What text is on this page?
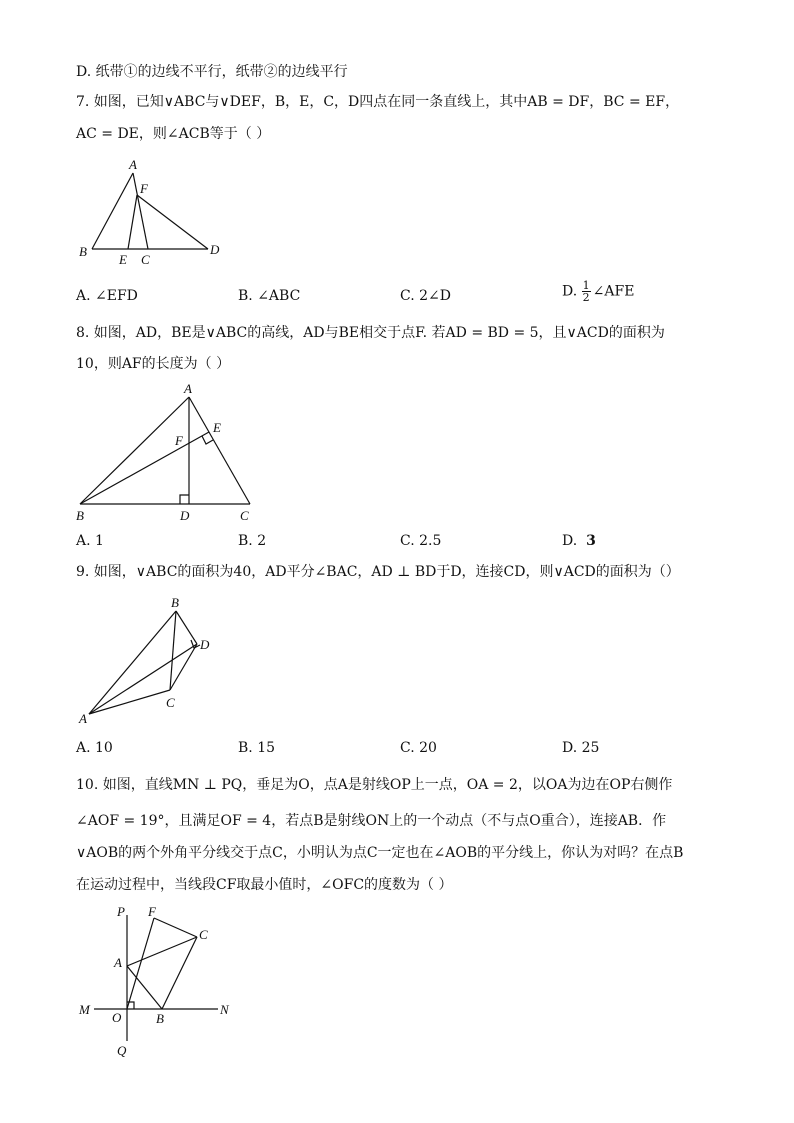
D. 纸带①的边线不平行，纸带②的边线平行
7. 如图，已知∨ABC与∨DEF，B，E，C，D四点在同一条直线上，其中AB = DF，BC = EF，
AC = DE，则∠ACB等于（ ）
A
F
B
E C
D
A. ∠EFD	B. ∠ABC	C. 2∠D	D. $\frac{1}{2}$ ∠AFE
8. 如图，AD，BE是∨ABC的高线，AD与BE相交于点F. 若AD = BD = 5，且∨ACD的面积为
10，则AF的长度为（ ）
A
E
F
B	D	C
A. 1	B. 2	C. 2.5	D. 3
9. 如图，∨ABC的面积为40，AD平分∠BAC，AD ⊥ BD于D，连接CD，则∨ACD的面积为（）
B
D
C
A
A. 10	B. 15	C. 20	D. 25
10. 如图，直线MN ⊥ PQ，垂足为O，点A是射线OP上一点，OA = 2，以OA为边在OP右侧作
∠AOF = 19°，且满足OF = 4，若点B是射线ON上的一个动点（不与点O重合），连接AB．作
∨AOB的两个外角平分线交于点C，小明认为点C一定也在∠AOB的平分线上，你认为对吗？在点B
在运动过程中，当线段CF取最小值时，∠OFC的度数为（ ）
P F
C
A
M
O	B
N
Q
